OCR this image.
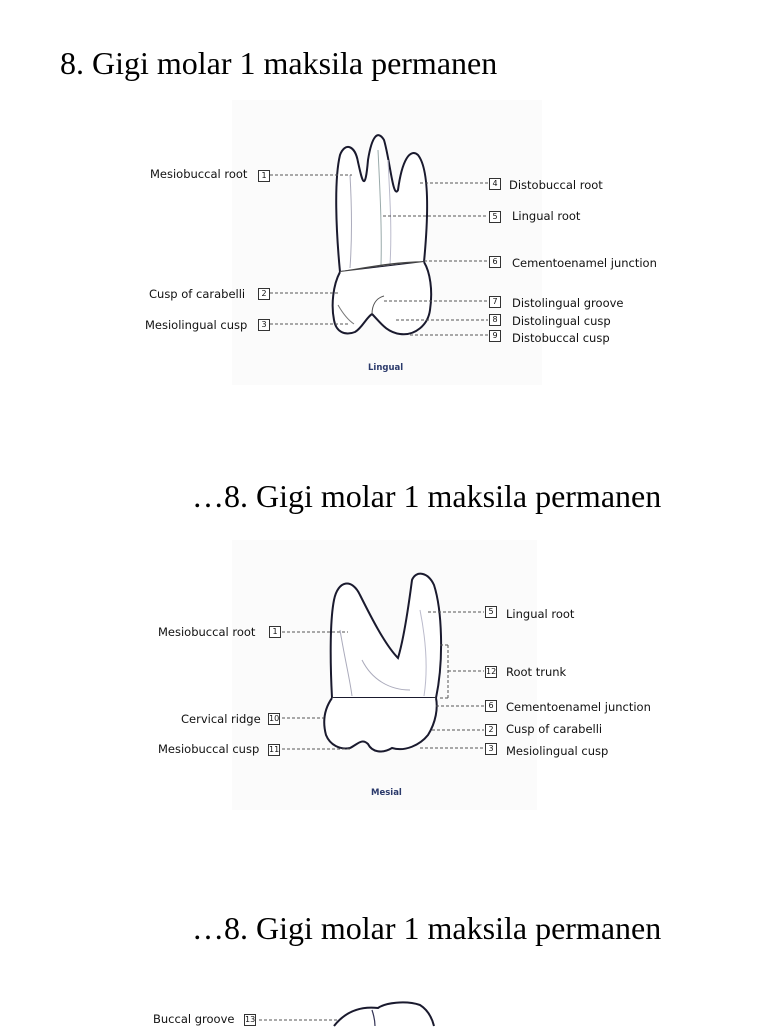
8. Gigi molar 1 maksila permanen
Mesiobuccal root	1
Cusp of carabelli	2
Mesiolingual cusp	3
4 Distobuccal root
5	Lingual root
6	Cementoenamel junction
7	Distolingual groove
8	Distolingual cusp
9	Distobuccal cusp
Lingual
…8. Gigi molar 1 maksila permanen
Mesiobuccal root	1
Cervical ridge 10
Mesiobuccal cusp 11
5	Lingual root
12 Root trunk
6	Cementoenamel junction
2	Cusp of carabelli
3	Mesiolingual cusp
Mesial
…8. Gigi molar 1 maksila permanen
Buccal groove 13
